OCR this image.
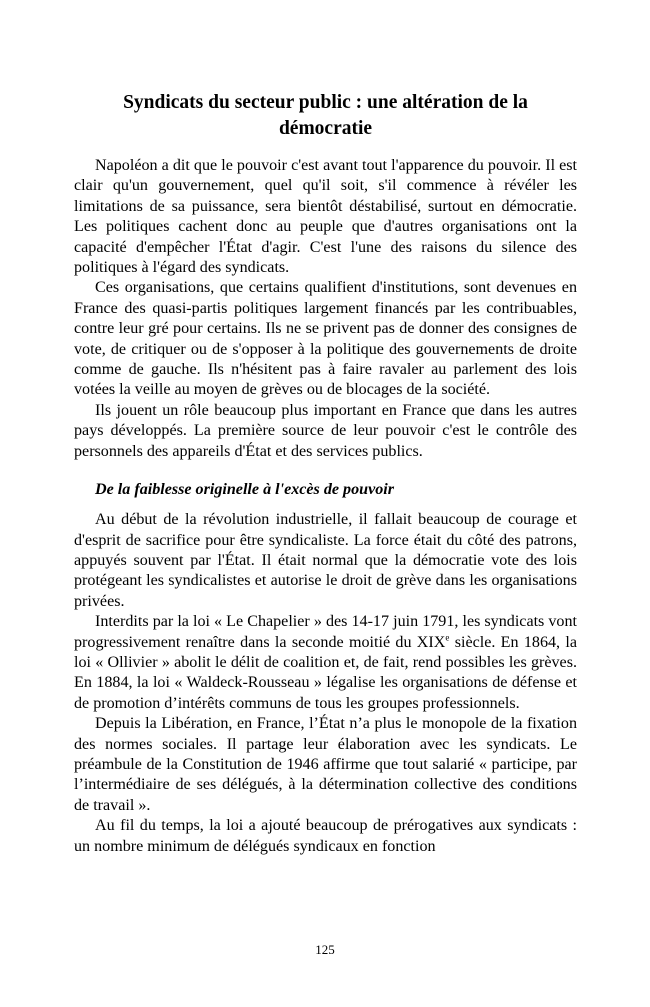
Syndicats du secteur public : une altération de la démocratie

Napoléon a dit que le pouvoir c'est avant tout l'apparence du pouvoir. Il est clair qu'un gouvernement, quel qu'il soit, s'il commence à révéler les limitations de sa puissance, sera bientôt déstabilisé, surtout en démocratie. Les politiques cachent donc au peuple que d'autres organisations ont la capacité d'empêcher l'État d'agir. C'est l'une des raisons du silence des politiques à l'égard des syndicats.

Ces organisations, que certains qualifient d'institutions, sont devenues en France des quasi-partis politiques largement financés par les contribuables, contre leur gré pour certains. Ils ne se privent pas de donner des consignes de vote, de critiquer ou de s'opposer à la politique des gouvernements de droite comme de gauche. Ils n'hésitent pas à faire ravaler au parlement des lois votées la veille au moyen de grèves ou de blocages de la société.

Ils jouent un rôle beaucoup plus important en France que dans les autres pays développés. La première source de leur pouvoir c'est le contrôle des personnels des appareils d'État et des services publics.

De la faiblesse originelle à l'excès de pouvoir

Au début de la révolution industrielle, il fallait beaucoup de courage et d'esprit de sacrifice pour être syndicaliste. La force était du côté des patrons, appuyés souvent par l'État. Il était normal que la démocratie vote des lois protégeant les syndicalistes et autorise le droit de grève dans les organisations privées.

Interdits par la loi « Le Chapelier » des 14-17 juin 1791, les syndicats vont progressivement renaître dans la seconde moitié du XIXe siècle. En 1864, la loi « Ollivier » abolit le délit de coalition et, de fait, rend possibles les grèves. En 1884, la loi « Waldeck-Rousseau » légalise les organisations de défense et de promotion d’intérêts communs de tous les groupes professionnels.

Depuis la Libération, en France, l’État n’a plus le monopole de la fixation des normes sociales. Il partage leur élaboration avec les syndicats. Le préambule de la Constitution de 1946 affirme que tout salarié « participe, par l’intermédiaire de ses délégués, à la détermination collective des conditions de travail ».

Au fil du temps, la loi a ajouté beaucoup de prérogatives aux syndicats : un nombre minimum de délégués syndicaux en fonction

125
